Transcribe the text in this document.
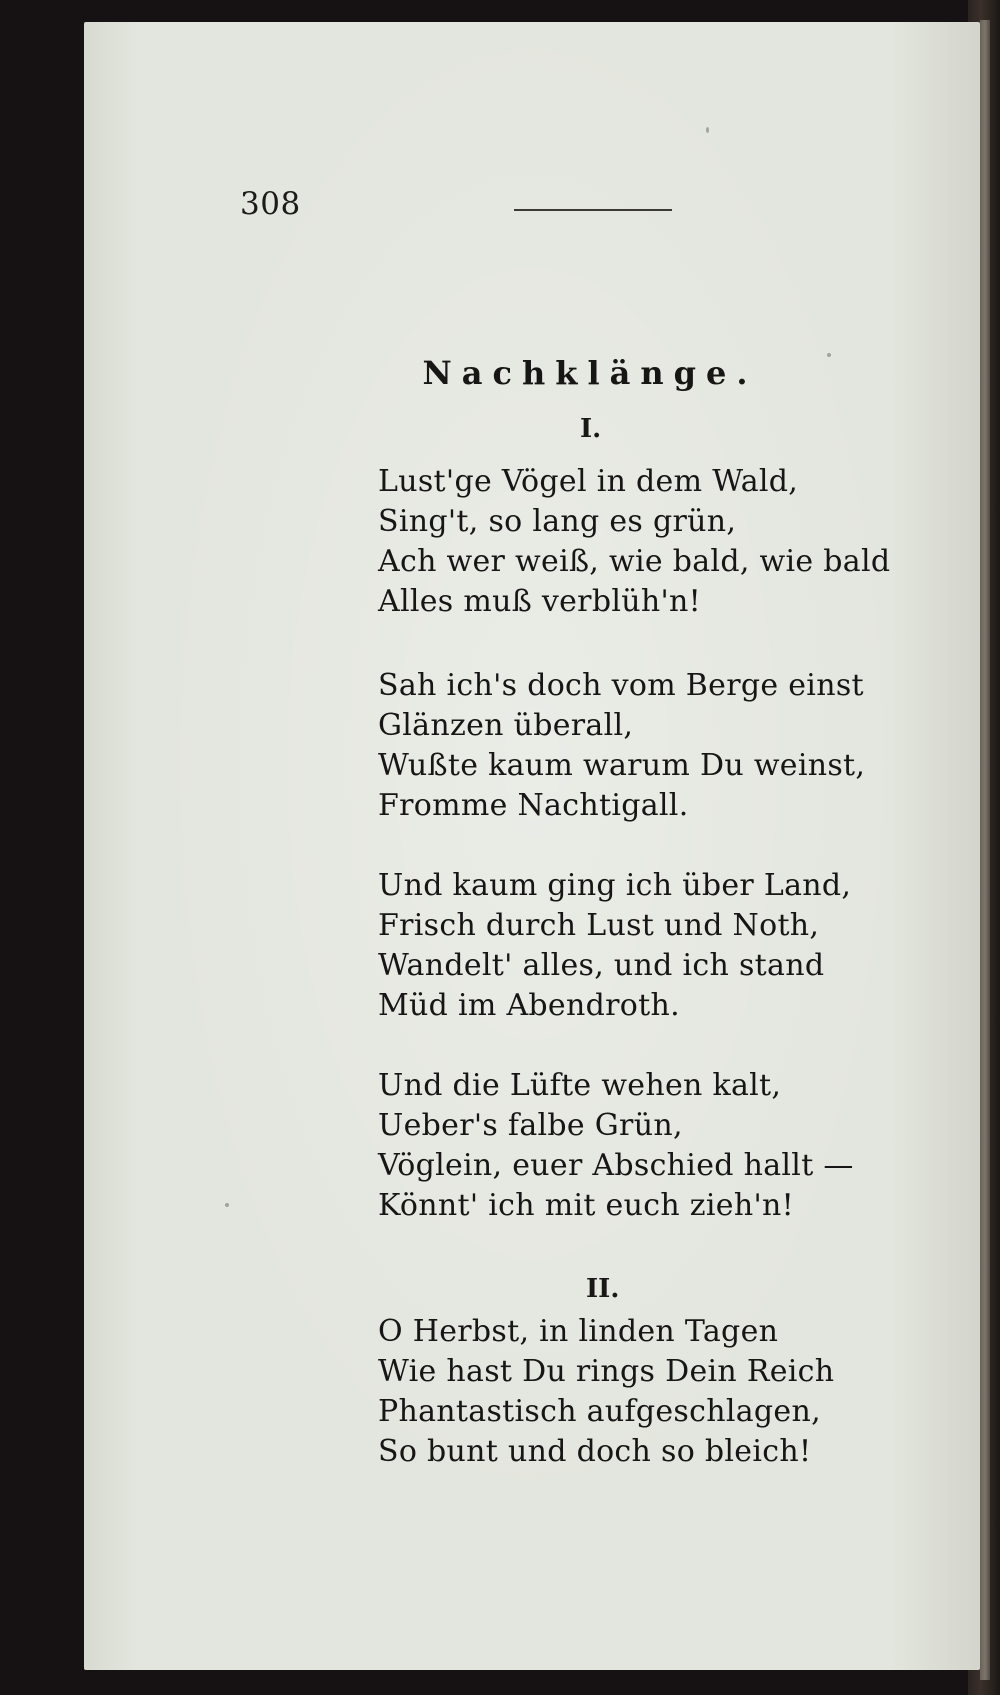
308
Nachklänge.
I.
Lust'ge Vögel in dem Wald,
Sing't, so lang es grün,
Ach wer weiß, wie bald, wie bald
Alles muß verblüh'n!
Sah ich's doch vom Berge einst
Glänzen überall,
Wußte kaum warum Du weinst,
Fromme Nachtigall.
Und kaum ging ich über Land,
Frisch durch Lust und Noth,
Wandelt' alles, und ich stand
Müd im Abendroth.
Und die Lüfte wehen kalt,
Ueber's falbe Grün,
Vöglein, euer Abschied hallt —
Könnt' ich mit euch zieh'n!
II.
O Herbst, in linden Tagen
Wie hast Du rings Dein Reich
Phantastisch aufgeschlagen,
So bunt und doch so bleich!
